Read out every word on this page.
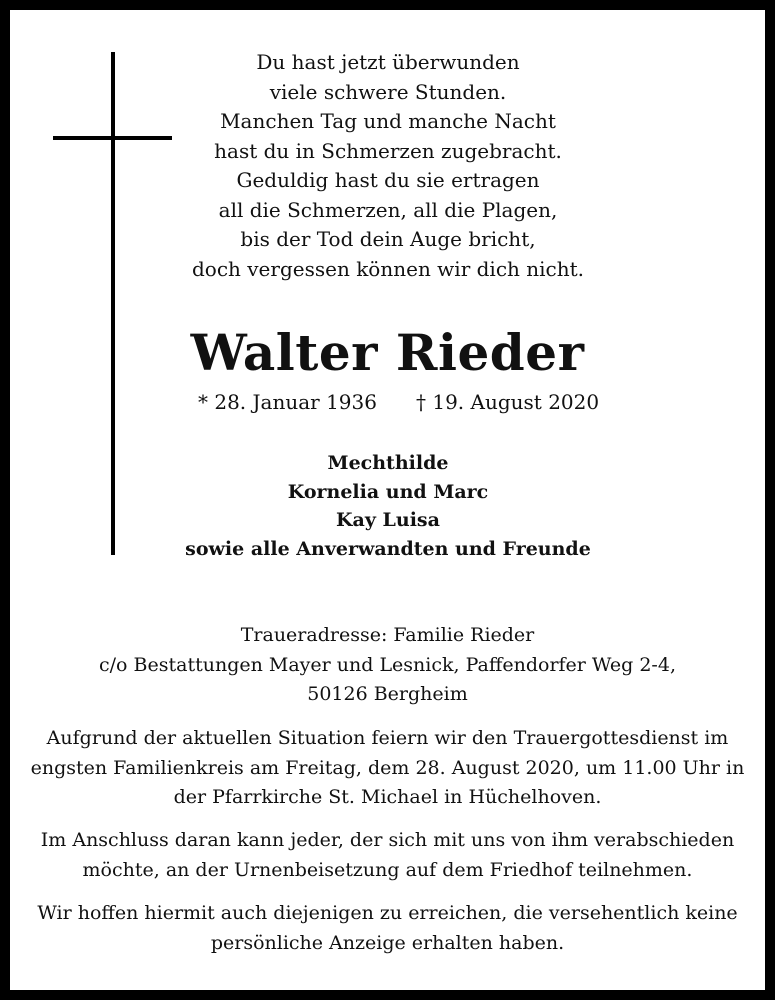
Du hast jetzt überwunden
viele schwere Stunden.
Manchen Tag und manche Nacht
hast du in Schmerzen zugebracht.
Geduldig hast du sie ertragen
all die Schmerzen, all die Plagen,
bis der Tod dein Auge bricht,
doch vergessen können wir dich nicht.
Walter Rieder
* 28. Januar 1936 † 19. August 2020
Mechthilde
Kornelia und Marc
Kay Luisa
sowie alle Anverwandten und Freunde
Traueradresse: Familie Rieder
c/o Bestattungen Mayer und Lesnick, Paffendorfer Weg 2-4,
50126 Bergheim
Aufgrund der aktuellen Situation feiern wir den Trauergottesdienst im
engsten Familienkreis am Freitag, dem 28. August 2020, um 11.00 Uhr in
der Pfarrkirche St. Michael in Hüchelhoven.
Im Anschluss daran kann jeder, der sich mit uns von ihm verabschieden
möchte, an der Urnenbeisetzung auf dem Friedhof teilnehmen.
Wir hoffen hiermit auch diejenigen zu erreichen, die versehentlich keine
persönliche Anzeige erhalten haben.
